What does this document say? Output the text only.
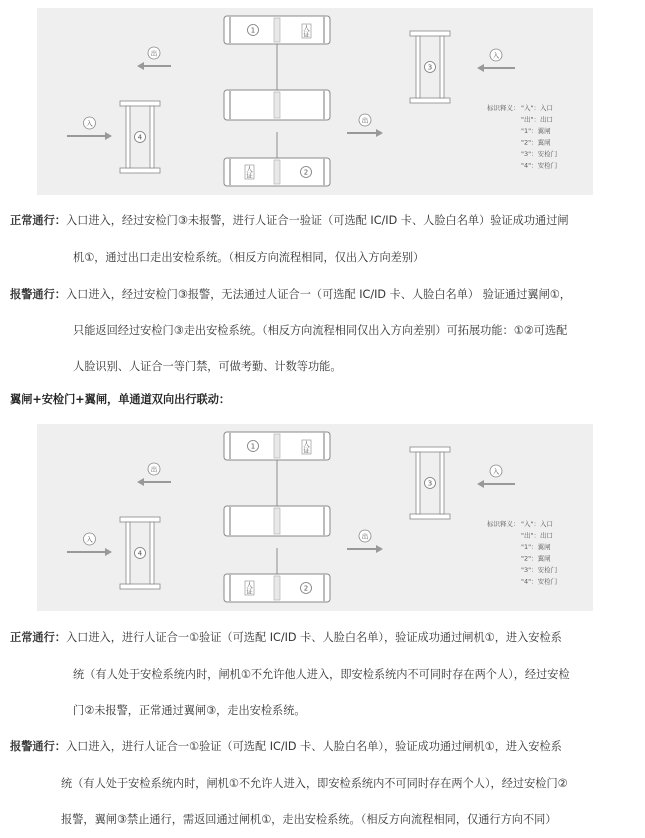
1
2
人
证
人
证
3
4
出
入	出
入
标识释义： "入"：入口
"出"：出口
"1"：翼闸
"2"：翼闸
"3"：安检门
"4"：安检门
正常通行：入口进入，经过安检门③未报警，进行人证合一验证（可选配 IC/ID 卡、人脸白名单）验证成功通过闸
机①，通过出口走出安检系统。（相反方向流程相同，仅出入方向差别）
报警通行：入口进入，经过安检门③报警，无法通过人证合一（可选配 IC/ID 卡、人脸白名单） 验证通过翼闸①，
只能返回经过安检门③走出安检系统。（相反方向流程相同仅出入方向差别）可拓展功能：①②可选配
人脸识别、人证合一等门禁，可做考勤、计数等功能。
翼闸+安检门+翼闸，单通道双向出行联动：
1
2
人
证
人
证
3
4
出
入	出
入
标识释义： "入"：入口
"出"：出口
"1"：翼闸
"2"：翼闸
"3"：安检门
"4"：安检门
正常通行：入口进入，进行人证合一①验证（可选配 IC/ID 卡、人脸白名单），验证成功通过闸机①，进入安检系
统（有人处于安检系统内时，闸机①不允许他人进入，即安检系统内不可同时存在两个人），经过安检
门②未报警，正常通过翼闸③，走出安检系统。
报警通行：入口进入，进行人证合一①验证（可选配 IC/ID 卡、人脸白名单），验证成功通过闸机①，进入安检系
统（有人处于安检系统内时，闸机①不允许人进入，即安检系统内不可同时存在两个人），经过安检门②
报警，翼闸③禁止通行，需返回通过闸机①，走出安检系统。（相反方向流程相同，仅通行方向不同）
